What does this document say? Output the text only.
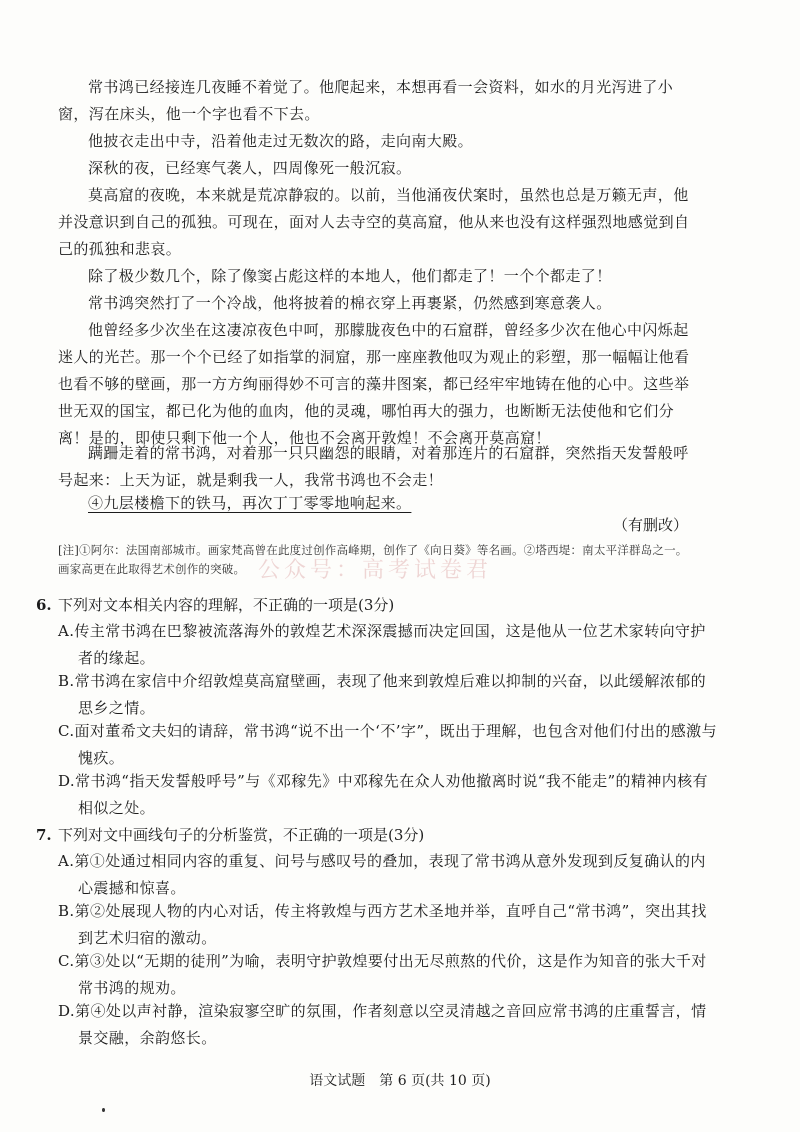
常书鸿已经接连几夜睡不着觉了。他爬起来，本想再看一会资料，如水的月光泻进了小窗，泻在床头，他一个字也看不下去。

他披衣走出中寺，沿着他走过无数次的路，走向南大殿。

深秋的夜，已经寒气袭人，四周像死一般沉寂。

莫高窟的夜晚，本来就是荒凉静寂的。以前，当他涌夜伏案时，虽然也总是万籁无声，他并没意识到自己的孤独。可现在，面对人去寺空的莫高窟，他从来也没有这样强烈地感觉到自己的孤独和悲哀。

除了极少数几个，除了像窦占彪这样的本地人，他们都走了！一个个都走了！

常书鸿突然打了一个冷战，他将披着的棉衣穿上再裹紧，仍然感到寒意袭人。

他曾经多少次坐在这凄凉夜色中呵，那朦胧夜色中的石窟群，曾经多少次在他心中闪烁起迷人的光芒。那一个个已经了如指掌的洞窟，那一座座教他叹为观止的彩塑，那一幅幅让他看也看不够的壁画，那一方方绚丽得妙不可言的藻井图案，都已经牢牢地铸在他的心中。这些举世无双的国宝，都已化为他的血肉，他的灵魂，哪怕再大的强力，也断断无法使他和它们分离！是的，即使只剩下他一个人，他也不会离开敦煌！不会离开莫高窟！

蹒跚走着的常书鸿，对着那一只只幽怨的眼睛，对着那连片的石窟群，突然指天发誓般呼号起来：上天为证，就是剩我一人，我常书鸿也不会走！

④九层楼檐下的铁马，再次丁丁零零地响起来。

（有删改）
[注]①阿尔：法国南部城市。画家梵高曾在此度过创作高峰期，创作了《向日葵》等名画。②塔西堤：南太平洋群岛之一。画家高更在此取得艺术创作的突破。 公众号：高考试卷君

6. 下列对文本相关内容的理解，不正确的一项是(3分)

A.传主常书鸿在巴黎被流落海外的敦煌艺术深深震撼而决定回国，这是他从一位艺术家转向守护者的缘起。

B.常书鸿在家信中介绍敦煌莫高窟壁画，表现了他来到敦煌后难以抑制的兴奋，以此缓解浓郁的思乡之情。

C.面对董希文夫妇的请辞，常书鸿“说不出一个‘不’字”，既出于理解，也包含对他们付出的感激与愧疚。

D.常书鸿“指天发誓般呼号”与《邓稼先》中邓稼先在众人劝他撤离时说“我不能走”的精神内核有相似之处。

7. 下列对文中画线句子的分析鉴赏，不正确的一项是(3分)

A.第①处通过相同内容的重复、问号与感叹号的叠加，表现了常书鸿从意外发现到反复确认的内心震撼和惊喜。

B.第②处展现人物的内心对话，传主将敦煌与西方艺术圣地并举，直呼自己“常书鸿”，突出其找到艺术归宿的激动。

C.第③处以“无期的徒刑”为喻，表明守护敦煌要付出无尽煎熬的代价，这是作为知音的张大千对常书鸿的规劝。

D.第④处以声衬静，渲染寂寥空旷的氛围，作者刻意以空灵清越之音回应常书鸿的庄重誓言，情景交融，余韵悠长。

语文试题　第 6 页(共 10 页)
